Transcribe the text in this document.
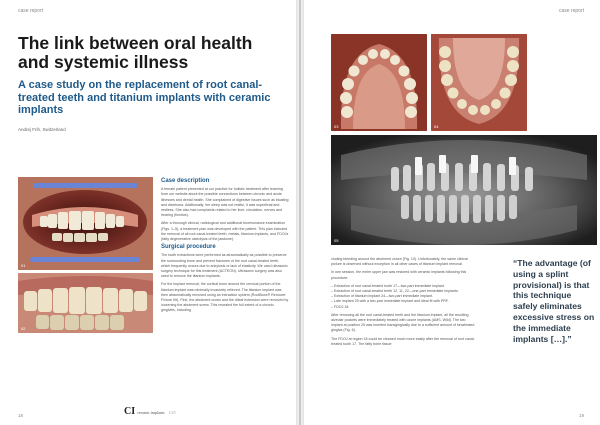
case report
The link between oral health and systemic illness
A case study on the replacement of root canal-treated teeth and titanium implants with ceramic implants
Andrej Frih, Switzerland
01
02
Case description

A female patient presented at our practice for holistic treatment after learning from our website about the possible connections between chronic and acute illnesses and dental health. She complained of digestive issues such as bloating and diarrhoea. Additionally, her sleep was not restful, it was superficial and restless. She also had complaints related to her liver, circulation, nerves and hearing (tinnitus).

After a thorough clinical, radiological and additional bioresonance examination (Figs. 1–5), a treatment plan was developed with the patient. This plan included the removal of all root canal-treated teeth, metals, titanium implants, and FDOJs (fatty degenerative osteolysis of the jawbone).

Surgical procedure

The tooth extractions were performed as atraumatically as possible to preserve the surrounding bone and prevent fractures of the root canal-treated teeth, which frequently occurs due to ankylosis or lack of elasticity. We used ultrasonic surgery technique for this treatment (ACTEON). Ultrasonic surgery was also used to remove the titanium implants.

For the implant removal, the cortical bone around the cervical portion of the titanium implant was minimally invasively relieved. The titanium implant was then atraumatically removed using an extraction system (RootBoxx® Remover Fixture Kit). First, the abutment crown and the distal extension were removed by loosening the abutment screw. This revealed the full extent of a chronic gingivitis, including

18	CI ceramic implants 1/25
case report
03	04
05

cluding bleeding around the abutment crown (Fig. 10). Unfortunately, the same clinical picture is observed without exception in all other cases of titanium implant removal.

In one session, the entire upper jaw was restored with ceramic implants following this procedure:

– Extraction of root canal-treated tooth 17—two-part immediate implant.
– Extraction of root canal-treated teeth 12, 11, 22—one-part immediate implants.
– Extraction of titanium implant 24—two-part immediate implant.
– Late implant 25 with a two-part immediate implant and ideal fit with PRF.
– FDOJ 18.

After removing all the root canal-treated teeth and the titanium implant, all the resulting alveolar pockets were immediately treated with ozone implants (AMS, Wild). The two implant at position 25 was inserted transgingivally due to a sufficient amount of keratinised gingiva (Fig. 6).

The FDOJ at region 18 could be cleaned much more easily after the removal of root canal-treated tooth 17. The fatty bone tissue

“The advantage (of using a splint provisional) is that this technique safely eliminates excessive stress on the immediate implants […].”
19
